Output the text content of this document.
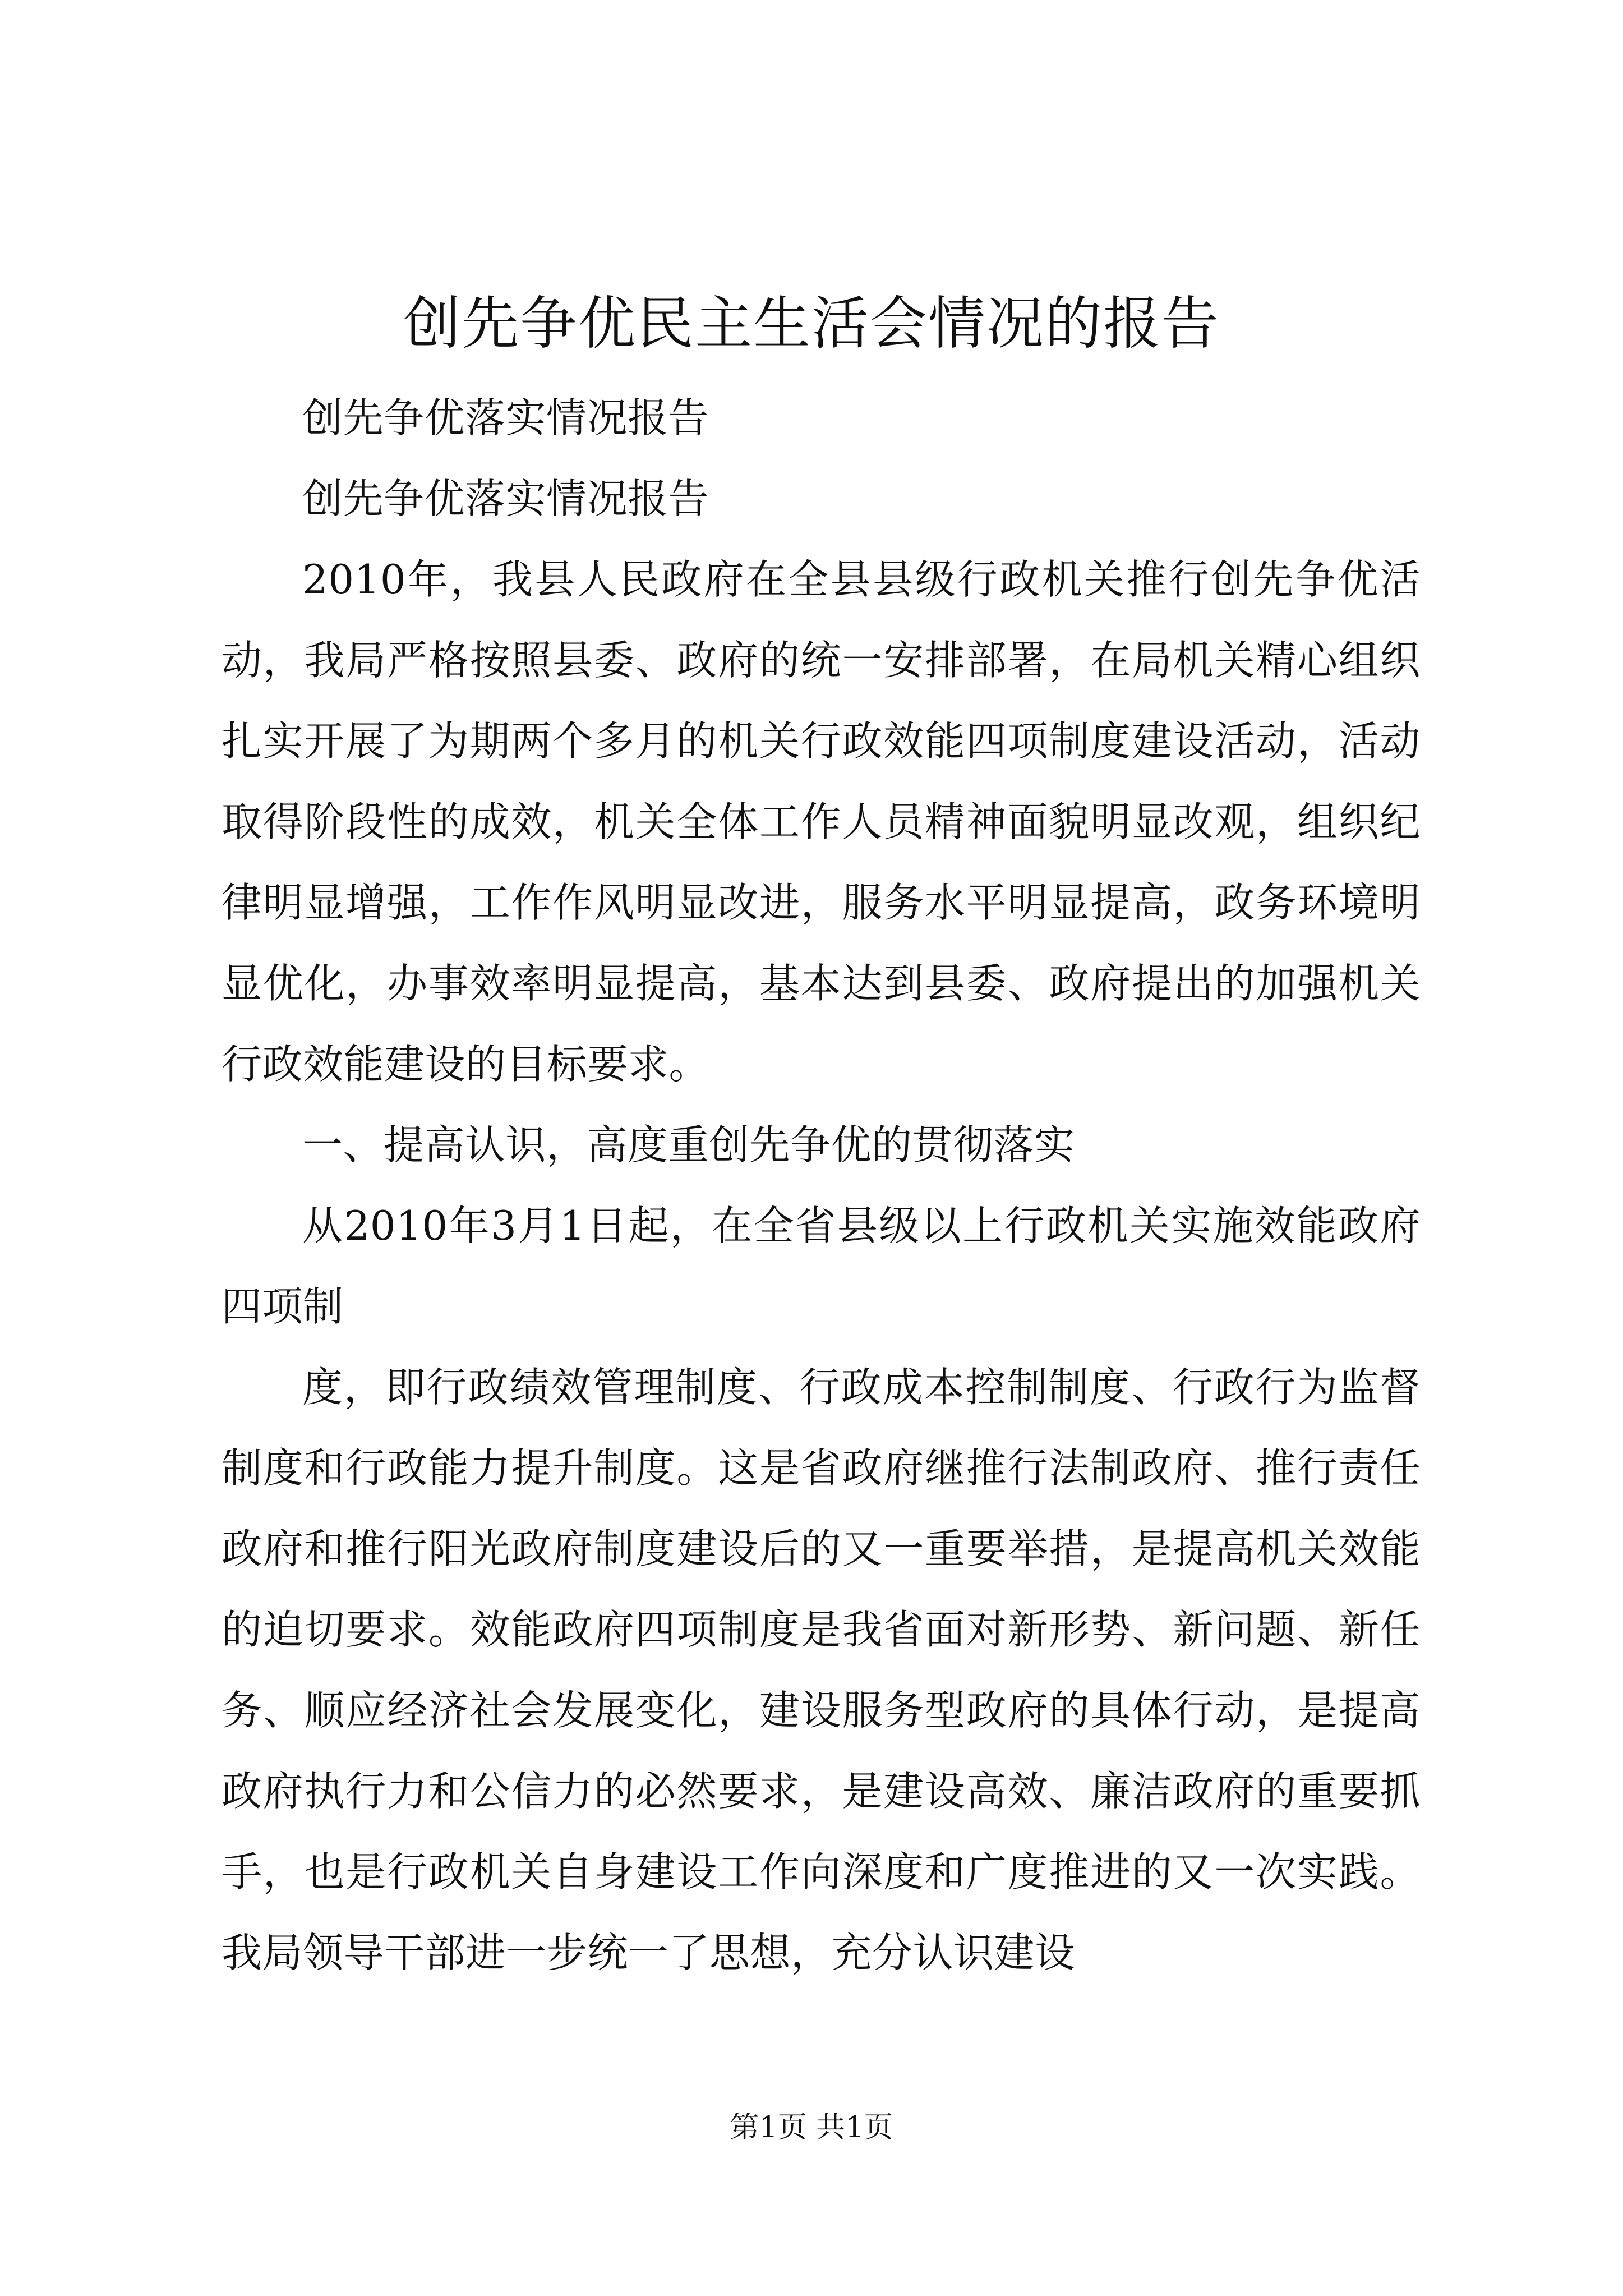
创先争优民主生活会情况的报告

创先争优落实情况报告

创先争优落实情况报告

2010年，我县人民政府在全县县级行政机关推行创先争优活动，我局严格按照县委、政府的统一安排部署，在局机关精心组织扎实开展了为期两个多月的机关行政效能四项制度建设活动，活动取得阶段性的成效，机关全体工作人员精神面貌明显改观，组织纪律明显增强，工作作风明显改进，服务水平明显提高，政务环境明显优化，办事效率明显提高，基本达到县委、政府提出的加强机关行政效能建设的目标要求。

一、提高认识，高度重创先争优的贯彻落实

从2010年3月1日起，在全省县级以上行政机关实施效能政府四项制

度，即行政绩效管理制度、行政成本控制制度、行政行为监督制度和行政能力提升制度。这是省政府继推行法制政府、推行责任政府和推行阳光政府制度建设后的又一重要举措，是提高机关效能的迫切要求。效能政府四项制度是我省面对新形势、新问题、新任务、顺应经济社会发展变化，建设服务型政府的具体行动，是提高政府执行力和公信力的必然要求，是建设高效、廉洁政府的重要抓手，也是行政机关自身建设工作向深度和广度推进的又一次实践。我局领导干部进一步统一了思想，充分认识建设

第1页 共1页
